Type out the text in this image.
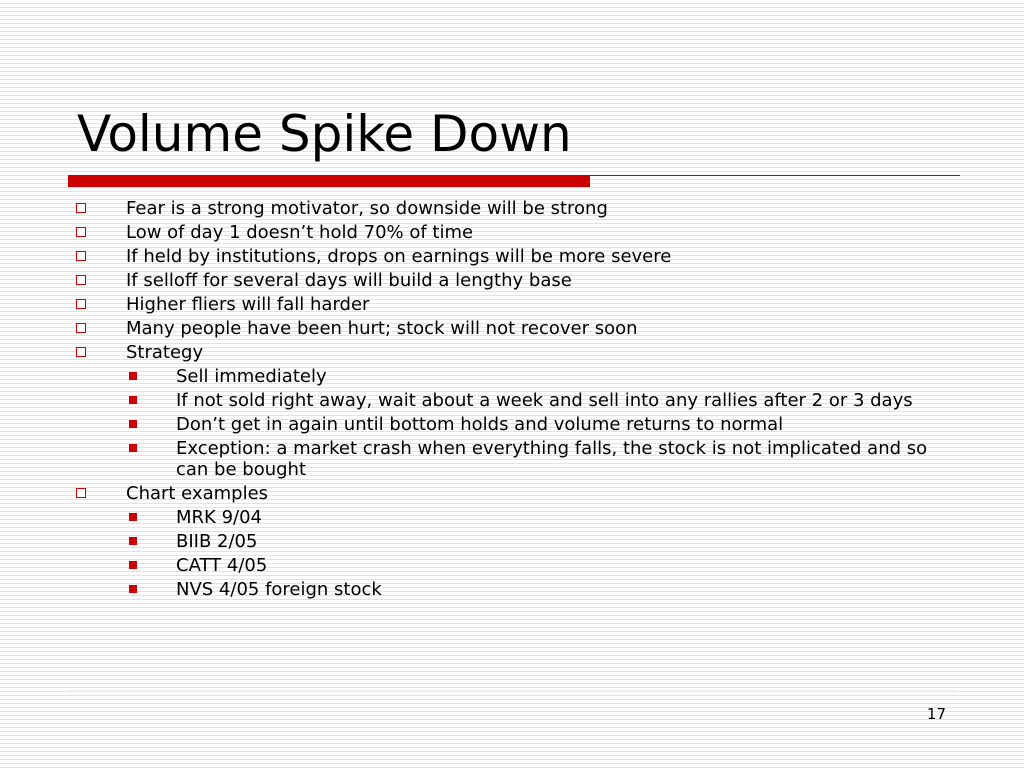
Volume Spike Down
Fear is a strong motivator, so downside will be strong
Low of day 1 doesn’t hold 70% of time
If held by institutions, drops on earnings will be more severe
If selloff for several days will build a lengthy base
Higher fliers will fall harder
Many people have been hurt; stock will not recover soon
Strategy
Sell immediately
If not sold right away, wait about a week and sell into any rallies after 2 or 3 days
Don’t get in again until bottom holds and volume returns to normal
Exception: a market crash when everything falls, the stock is not implicated and so can be bought
Chart examples
MRK 9/04
BIIB 2/05
CATT 4/05
NVS 4/05 foreign stock
17
